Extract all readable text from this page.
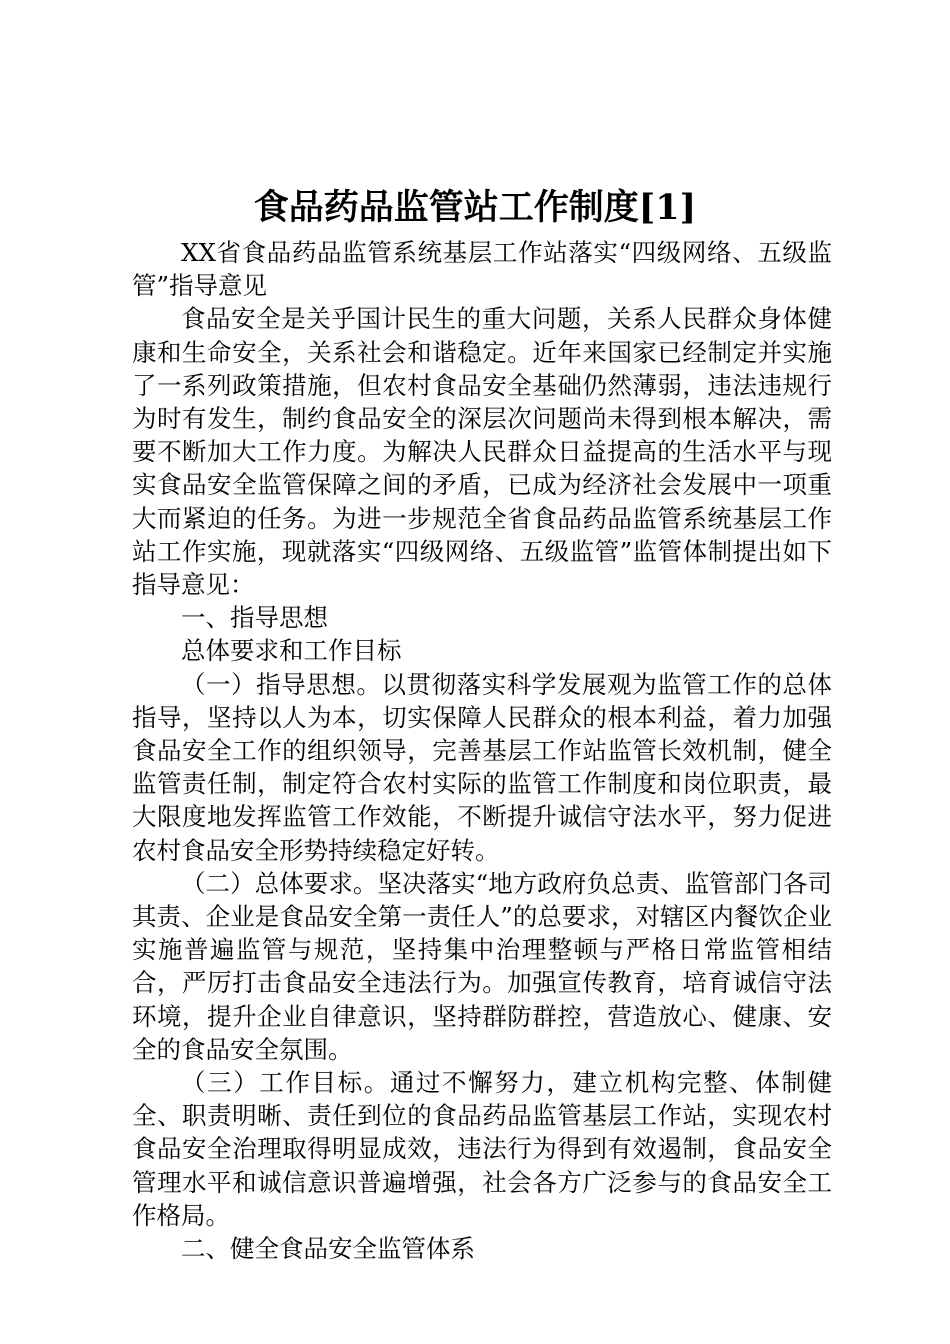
食品药品监管站工作制度[1]

XX省食品药品监管系统基层工作站落实“四级网络、五级监管”指导意见

食品安全是关乎国计民生的重大问题，关系人民群众身体健康和生命安全，关系社会和谐稳定。近年来国家已经制定并实施了一系列政策措施，但农村食品安全基础仍然薄弱，违法违规行为时有发生，制约食品安全的深层次问题尚未得到根本解决，需要不断加大工作力度。为解决人民群众日益提高的生活水平与现实食品安全监管保障之间的矛盾，已成为经济社会发展中一项重大而紧迫的任务。为进一步规范全省食品药品监管系统基层工作站工作实施，现就落实“四级网络、五级监管”监管体制提出如下指导意见：

一、指导思想

总体要求和工作目标

（一）指导思想。以贯彻落实科学发展观为监管工作的总体指导，坚持以人为本，切实保障人民群众的根本利益，着力加强食品安全工作的组织领导，完善基层工作站监管长效机制，健全监管责任制，制定符合农村实际的监管工作制度和岗位职责，最大限度地发挥监管工作效能，不断提升诚信守法水平，努力促进农村食品安全形势持续稳定好转。

（二）总体要求。坚决落实“地方政府负总责、监管部门各司其责、企业是食品安全第一责任人”的总要求，对辖区内餐饮企业实施普遍监管与规范，坚持集中治理整顿与严格日常监管相结合，严厉打击食品安全违法行为。加强宣传教育，培育诚信守法环境，提升企业自律意识，坚持群防群控，营造放心、健康、安全的食品安全氛围。

（三）工作目标。通过不懈努力，建立机构完整、体制健全、职责明晰、责任到位的食品药品监管基层工作站，实现农村食品安全治理取得明显成效，违法行为得到有效遏制，食品安全管理水平和诚信意识普遍增强，社会各方广泛参与的食品安全工作格局。

二、健全食品安全监管体系
